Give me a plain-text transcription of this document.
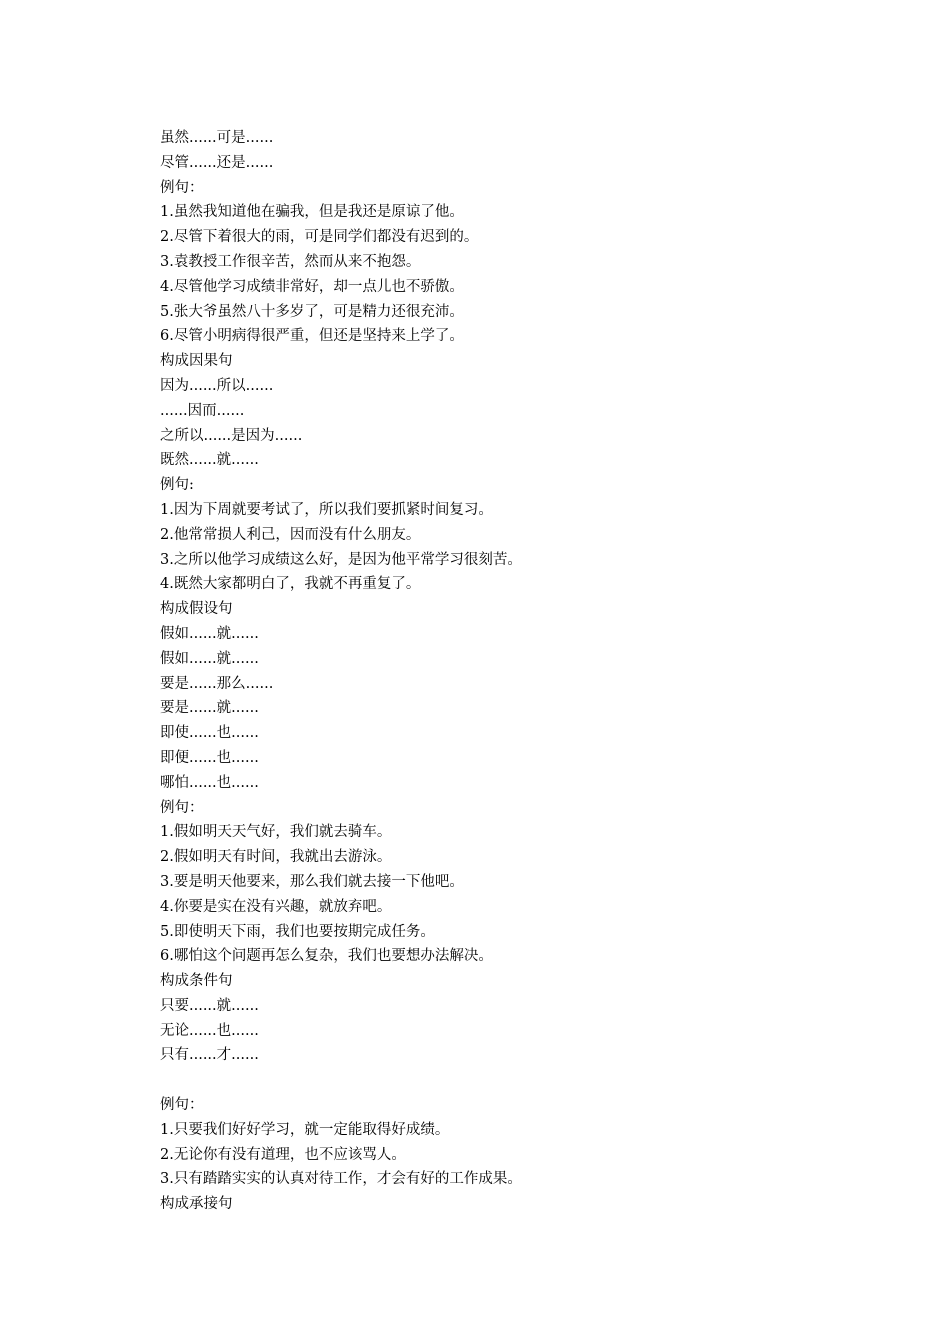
虽然......可是......
尽管......还是......
例句：
1.虽然我知道他在骗我，但是我还是原谅了他。
2.尽管下着很大的雨，可是同学们都没有迟到的。
3.袁教授工作很辛苦，然而从来不抱怨。
4.尽管他学习成绩非常好，却一点儿也不骄傲。
5.张大爷虽然八十多岁了，可是精力还很充沛。
6.尽管小明病得很严重，但还是坚持来上学了。
构成因果句
因为......所以......
......因而......
之所以......是因为......
既然......就......
例句:
1.因为下周就要考试了，所以我们要抓紧时间复习。
2.他常常损人利己，因而没有什么朋友。
3.之所以他学习成绩这么好，是因为他平常学习很刻苦。
4.既然大家都明白了，我就不再重复了。
构成假设句
假如......就......
假如......就......
要是......那么......
要是......就......
即使......也......
即便......也......
哪怕......也......
例句：
1.假如明天天气好，我们就去骑车。
2.假如明天有时间，我就出去游泳。
3.要是明天他要来，那么我们就去接一下他吧。
4.你要是实在没有兴趣，就放弃吧。
5.即使明天下雨，我们也要按期完成任务。
6.哪怕这个问题再怎么复杂，我们也要想办法解决。
构成条件句
只要......就......
无论......也......
只有......才......
例句：
1.只要我们好好学习，就一定能取得好成绩。
2.无论你有没有道理，也不应该骂人。
3.只有踏踏实实的认真对待工作，才会有好的工作成果。
构成承接句
